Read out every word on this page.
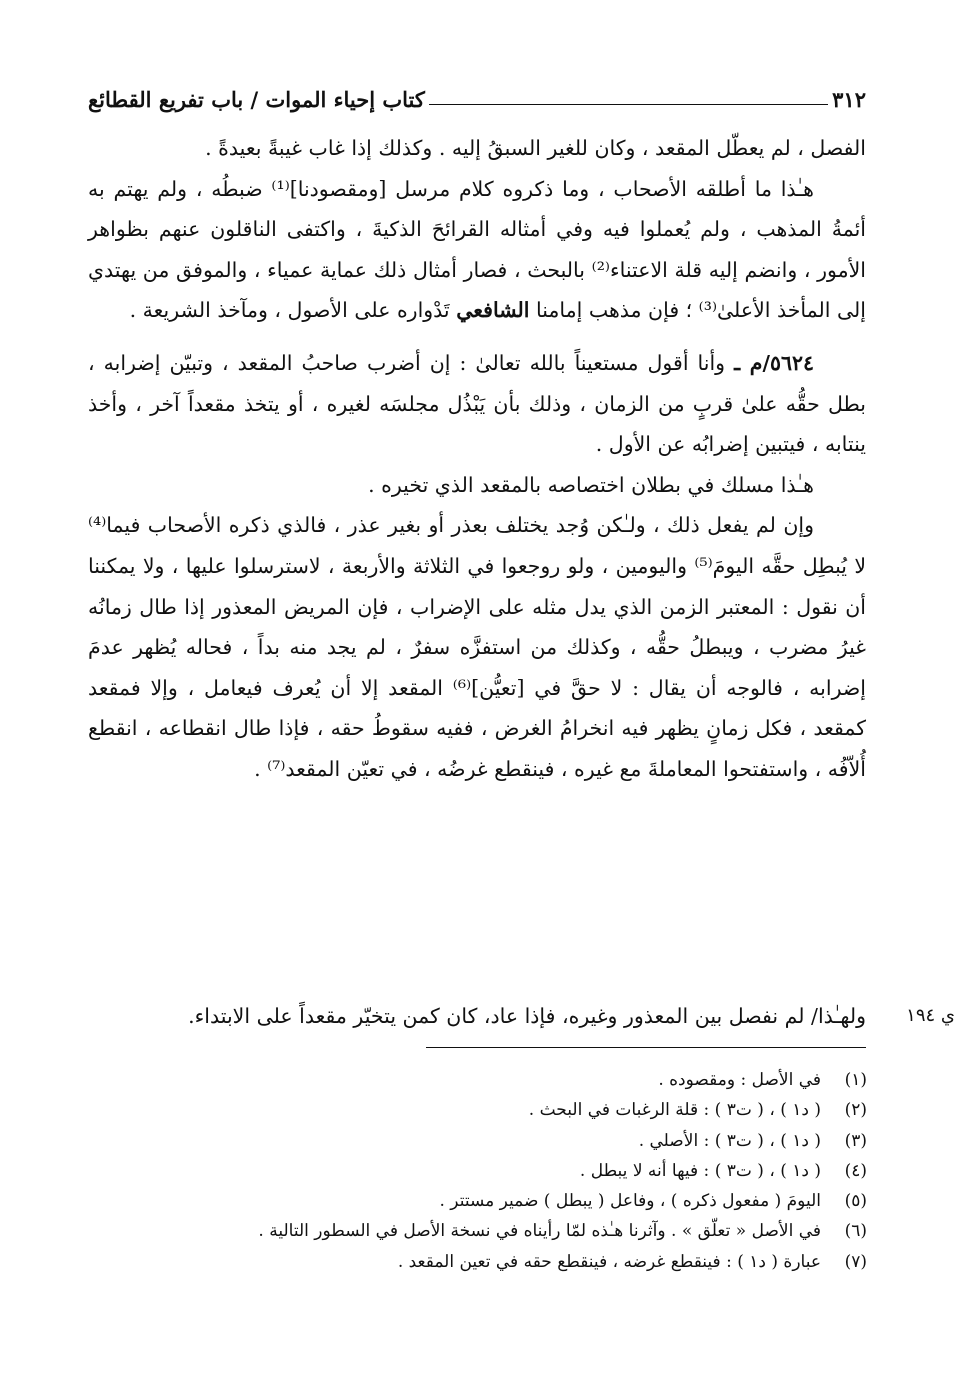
٣١٢
كتاب إحياء الموات / باب تفريع القطائع

الفصل ، لم يعطّل المقعد ، وكان للغير السبقُ إليه . وكذلك إذا غاب غيبةً بعيدةً .

هـٰذا ما أطلقه الأصحاب ، وما ذكروه كلام مرسل [ومقصودنا]⁽¹⁾ ضبطُه ، ولم يهتم به أئمةُ المذهب ، ولم يُعملوا فيه وفي أمثاله القرائحَ الذكيةَ ، واكتفى الناقلون عنهم بظواهر الأمور ، وانضم إليه قلة الاعتناء⁽²⁾ بالبحث ، فصار أمثال ذلك عماية عمياء ، والموفق من يهتدي إلى المأخذ الأعلىٰ⁽³⁾ ؛ فإن مذهب إمامنا الشافعي تَدْواره على الأصول ، ومآخذ الشريعة .

٥٦٢٤/م ـ وأنا أقول مستعيناً بالله تعالىٰ : إن أضرب صاحبُ المقعد ، وتبيّن إضرابه ، بطل حقُّه علىٰ قربٍ من الزمان ، وذلك بأن يَبْذُل مجلسَه لغيره ، أو يتخذ مقعداً آخر ، وأخذ ينتابه ، فيتبين إضرابُه عن الأول .

هـٰذا مسلك في بطلان اختصاصه بالمقعد الذي تخيره .

وإن لم يفعل ذلك ، ولـٰكن وُجد يختلف بعذر أو بغير عذر ، فالذي ذكره الأصحاب فيما⁽⁴⁾ لا يُبطِل حقَّه اليومَ⁽⁵⁾ واليومين ، ولو روجعوا في الثلاثة والأربعة ، لاسترسلوا عليها ، ولا يمكننا أن نقول : المعتبر الزمن الذي يدل مثله على الإضراب ، فإن المريض المعذور إذا طال زمانُه غيرُ مضرب ، ويبطلُ حقُّه ، وكذلك من استفزَّه سفرٌ ، لم يجد منه بداً ، فحاله يُظهر عدمَ إضرابه ، فالوجه أن يقال : لا حقَّ في [تعيُّن]⁽⁶⁾ المقعد إلا أن يُعرف فيعامل ، وإلا فمقعد كمقعد ، فكل زمانٍ يظهر فيه انخرامُ الغرض ، ففيه سقوطُ حقه ، فإذا طال انقطاعه ، انقطع أُلاّفُه ، واستفتحوا المعاملةَ مع غيره ، فينقطع غرضُه ، في تعيّن المقعد⁽⁷⁾ .

ي ١٩٤
ولهـٰذا/ لم نفصل بين المعذور وغيره، فإذا عاد، كان كمن يتخيّر مقعداً على الابتداء.
(١)
في الأصل : ومقصوده .
(٢)
( د١ ) ، ( ت٣ ) : قلة الرغبات في البحث .
(٣)
( د١ ) ، ( ت٣ ) : الأصلي .
(٤)
( د١ ) ، ( ت٣ ) : فيها أنه لا يبطل .
(٥)
اليومَ ( مفعول ذكره ) ، وفاعل ( يبطل ) ضمير مستتر .
(٦)
في الأصل « تعلّق » . وآثرنا هـٰذه لمّا رأيناه في نسخة الأصل في السطور التالية .
(٧)
عبارة ( د١ ) : فينقطع غرضه ، فينقطع حقه في تعين المقعد .
